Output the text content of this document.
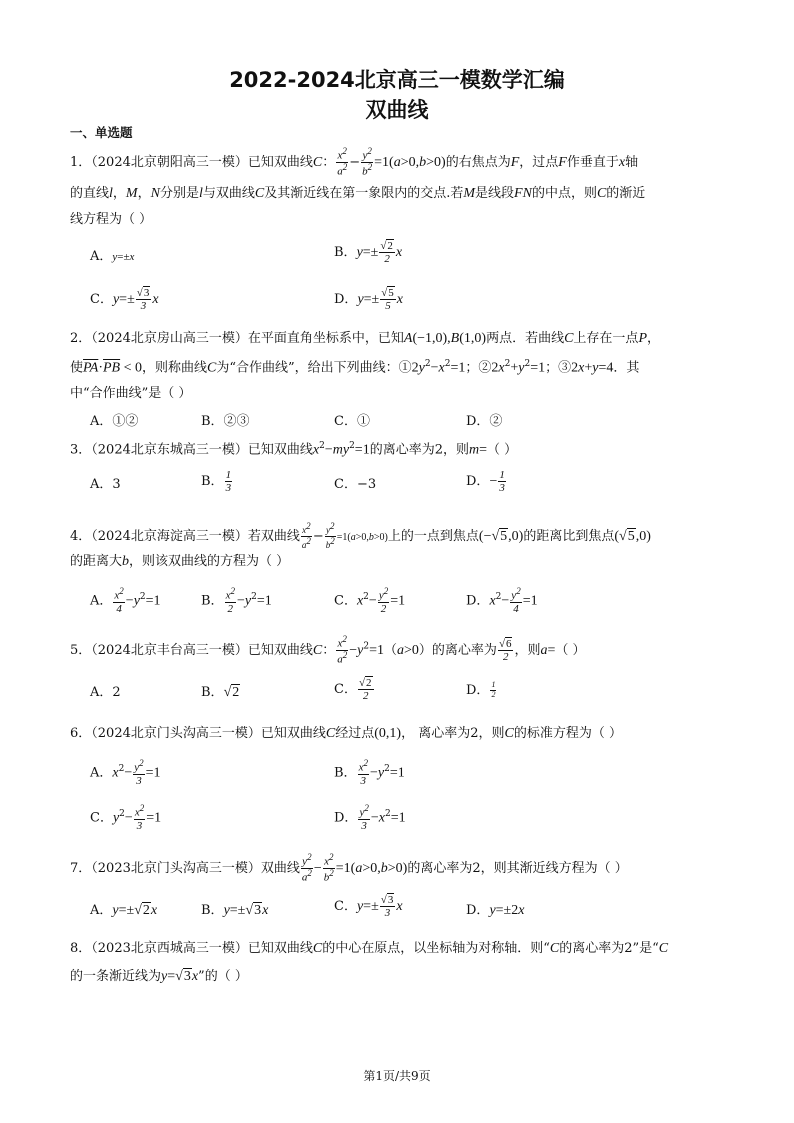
2022-2024北京高三一模数学汇编
双曲线
一、单选题
1．（2024北京朝阳高三一模）已知双曲线C： $\frac{x^2}{a^2} - \frac{y^2}{b^2} =1(a>0,b>0)$的右焦点为F，过点F作垂直于x轴
的直线l，M，N分别是l与双曲线C及其渐近线在第一象限内的交点.若M是线段FN的中点，则C的渐近
线方程为（ ）
A．y=±x	B．$y=\pm \frac{√2}{2}$ x
C．$y=\pm \frac{√3}{3}$ x	D．$y=\pm \frac{√5}{5}$ x
2．（2024北京房山高三一模）在平面直角坐标系中，已知A(−1,0),B(1,0)两点．若曲线C上存在一点P，
使$\overline{PA}\cdot\overline{PB} < 0$，则称曲线C为“合作曲线”，给出下列曲线：$①2y^2-x^2=1$；$②2x^2+y^2=1$；③2x+y=4．其
中“合作曲线”是（ ）
A．①②	B．②③	C．①	D．②
3．（2024北京东城高三一模）已知双曲线$x^2-my^2=1$的离心率为2，则m=（ ）
A．3	B． $\frac{1}{3}$	C．−3	D．− $\frac{1}{3}$
4．（2024北京海淀高三一模）若双曲线 $\frac{x^2}{a^2} - \frac{y^2}{b^2} =1(a>0,b>0)$上的一点到焦点(−√5,0)的距离比到焦点(√5,0)
的距离大b，则该双曲线的方程为（ ）
A． $\frac{x^2}{4} -y^2=1$	B． $\frac{x^2}{2} -y^2=1$	C．$x^2- \frac{y^2}{2} =1$	D．$x^2- \frac{y^2}{4} =1$
5．（2024北京丰台高三一模）已知双曲线C： $\frac{x^2}{a^2} -y^2=1(a>0)$的离心率为 $\frac{√6}{2}$ ，则a=（ ）
A．2	B．√2	C． $\frac{√2}{2}$	D． $\frac{1}{2}$
6．（2024北京门头沟高三一模）已知双曲线C经过点(0,1)， 离心率为2，则C的标准方程为（ ）
A．$x^2- \frac{y^2}{3} =1$	B． $\frac{x^2}{3} -y^2=1$
C．$y^2- \frac{x^2}{3} =1$	D． $\frac{y^2}{3} -x^2=1$
7．（2023北京门头沟高三一模）双曲线 $\frac{y^2}{a^2} - \frac{x^2}{b^2} =1(a>0,b>0)$的离心率为2，则其渐近线方程为（ ）
A．y=±√2x	B．y=±√3x	C．$y=\pm \frac{√3}{3}$ x	D．y=±2x
8．（2023北京西城高三一模）已知双曲线C的中心在原点，以坐标轴为对称轴．则“C的离心率为2”是“C
的一条渐近线为y=√3x”的（ ）
第1页/共9页
